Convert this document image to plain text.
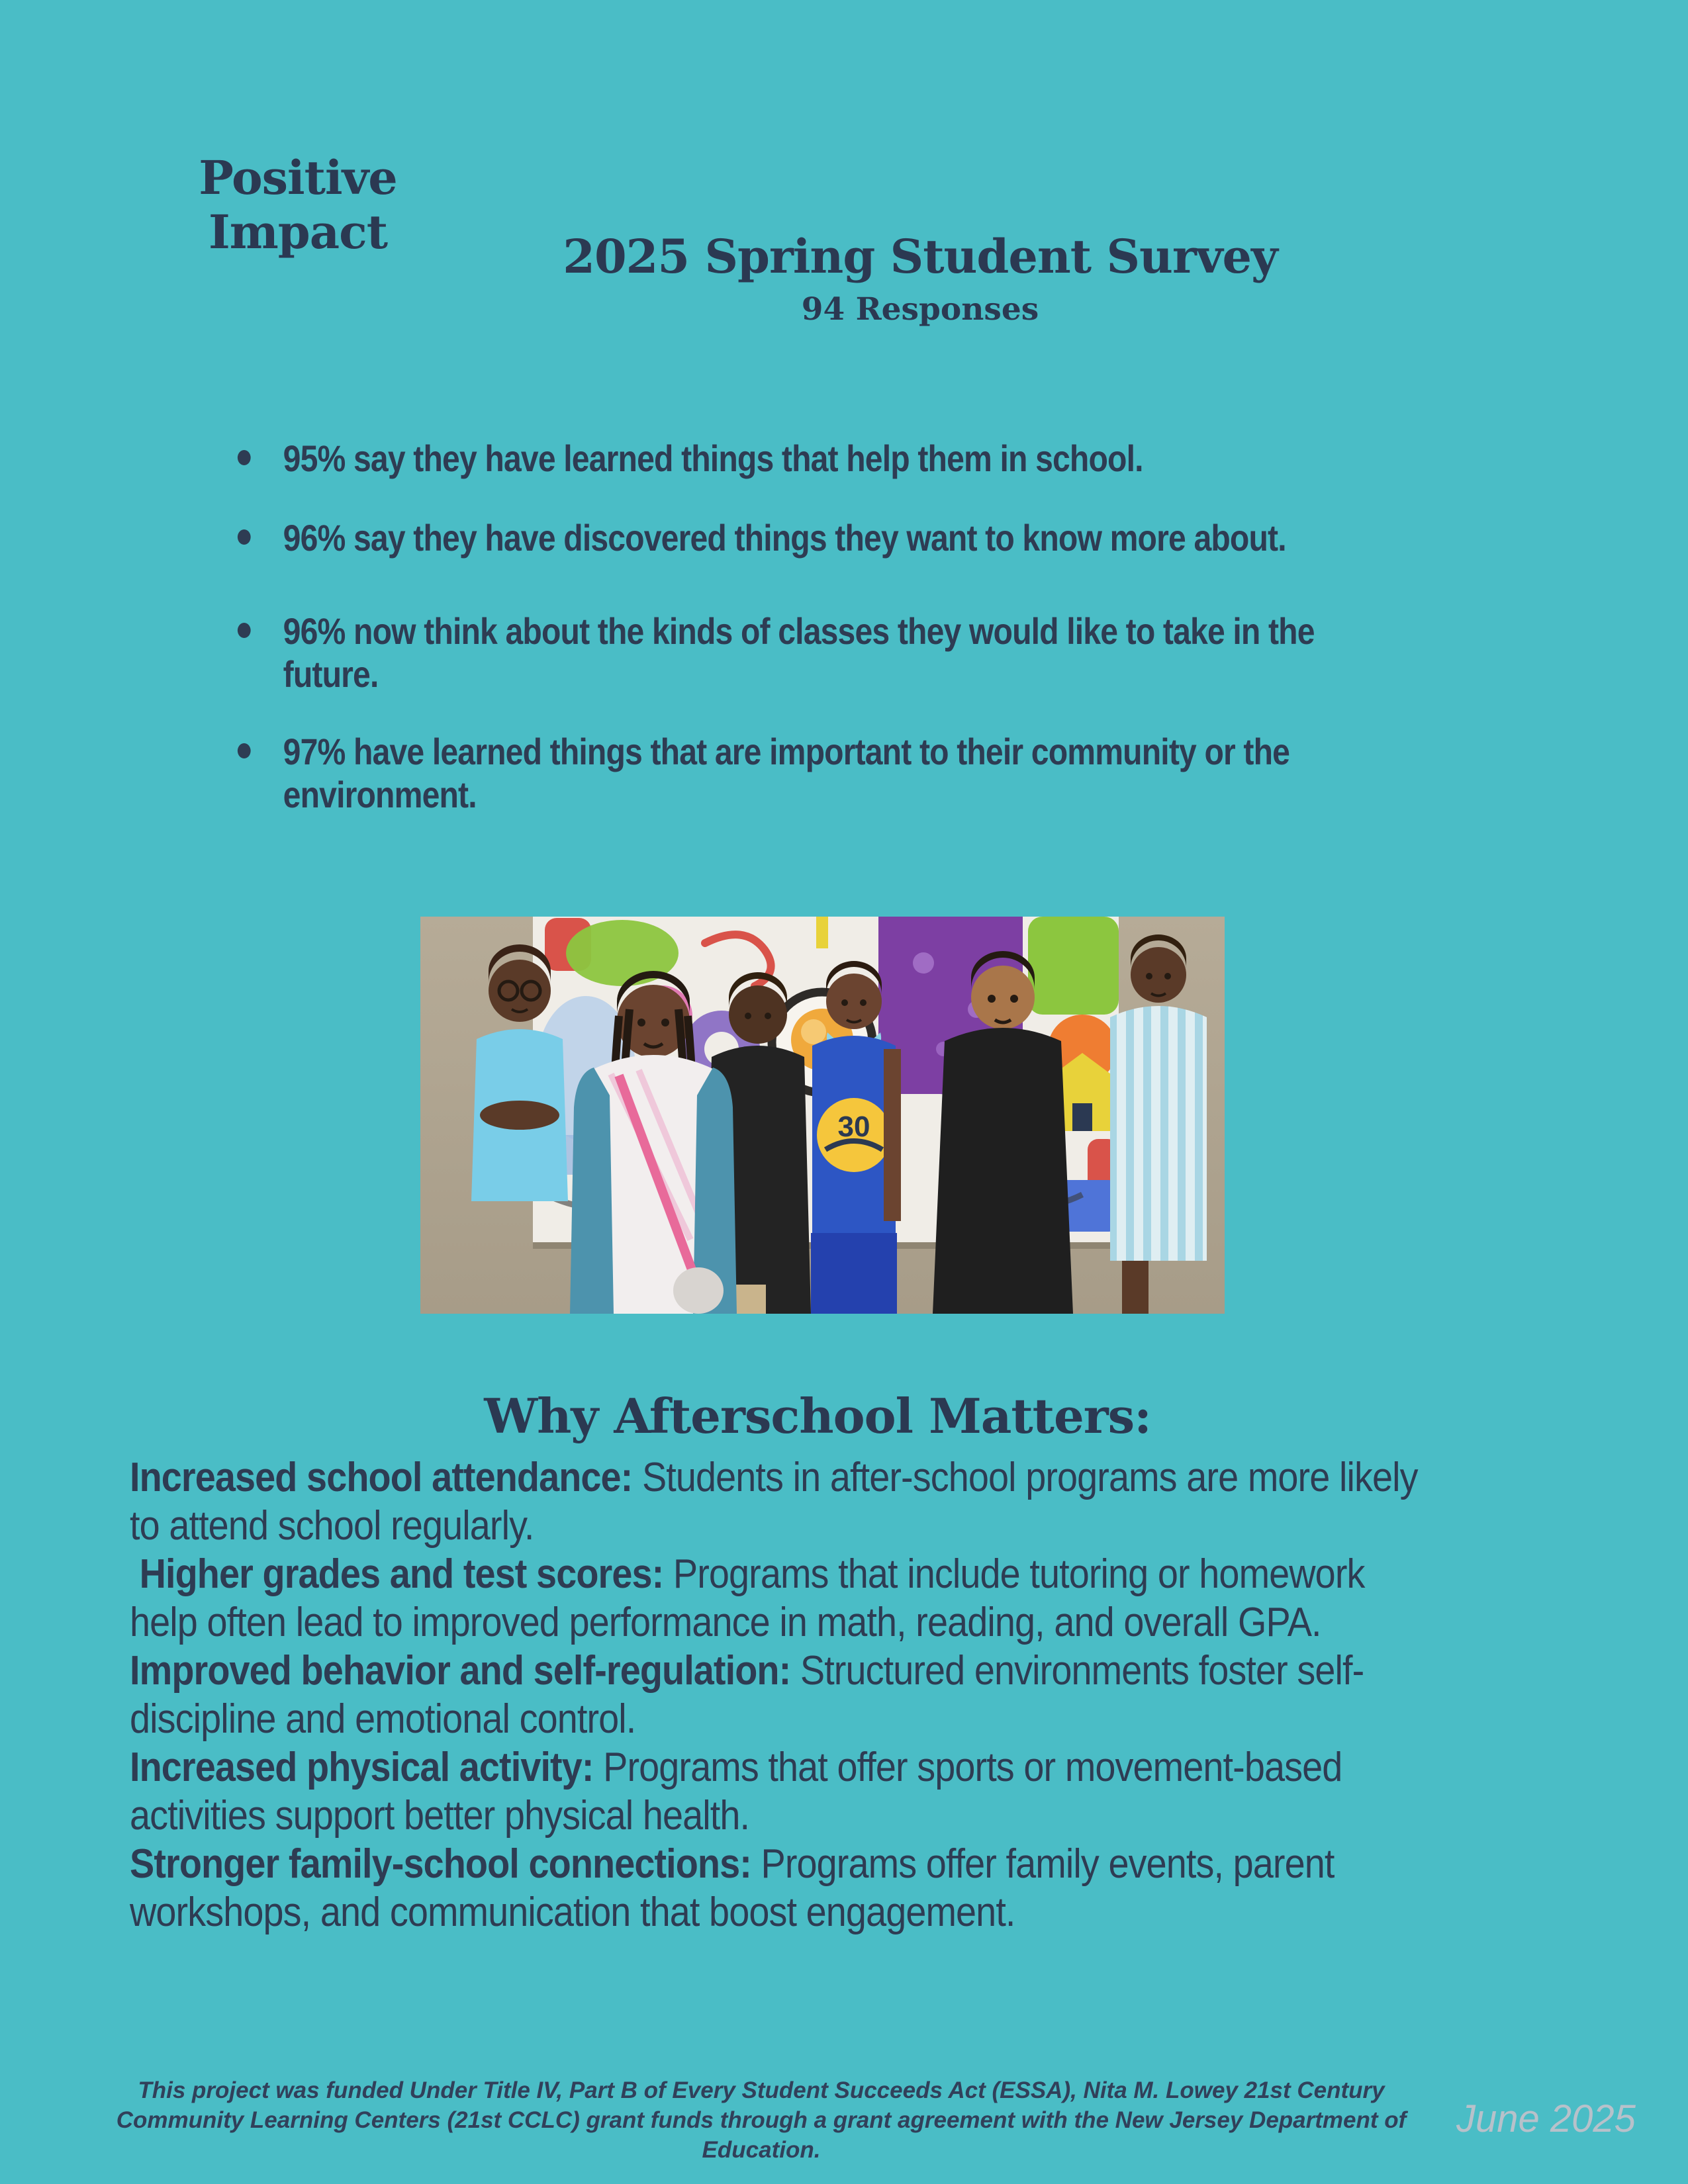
Positive
Impact	2025 Spring Student Survey
94 Responses
95% say they have learned things that help them in school.
96% say they have discovered things they want to know more about.
96% now think about the kinds of classes they would like to take in the future.
97% have learned things that are important to their community or the environment.
30
Why Afterschool Matters:

Increased school attendance: Students in after-school programs are more likely to attend school regularly.

Higher grades and test scores: Programs that include tutoring or homework help often lead to improved performance in math, reading, and overall GPA.

Improved behavior and self-regulation: Structured environments foster self-discipline and emotional control.

Increased physical activity: Programs that offer sports or movement-based activities support better physical health.

Stronger family-school connections: Programs offer family events, parent workshops, and communication that boost engagement.

This project was funded Under Title IV, Part B of Every Student Succeeds Act (ESSA), Nita M. Lowey 21st Century Community Learning Centers (21st CCLC) grant funds through a grant agreement with the New Jersey Department of Education.
June 2025
